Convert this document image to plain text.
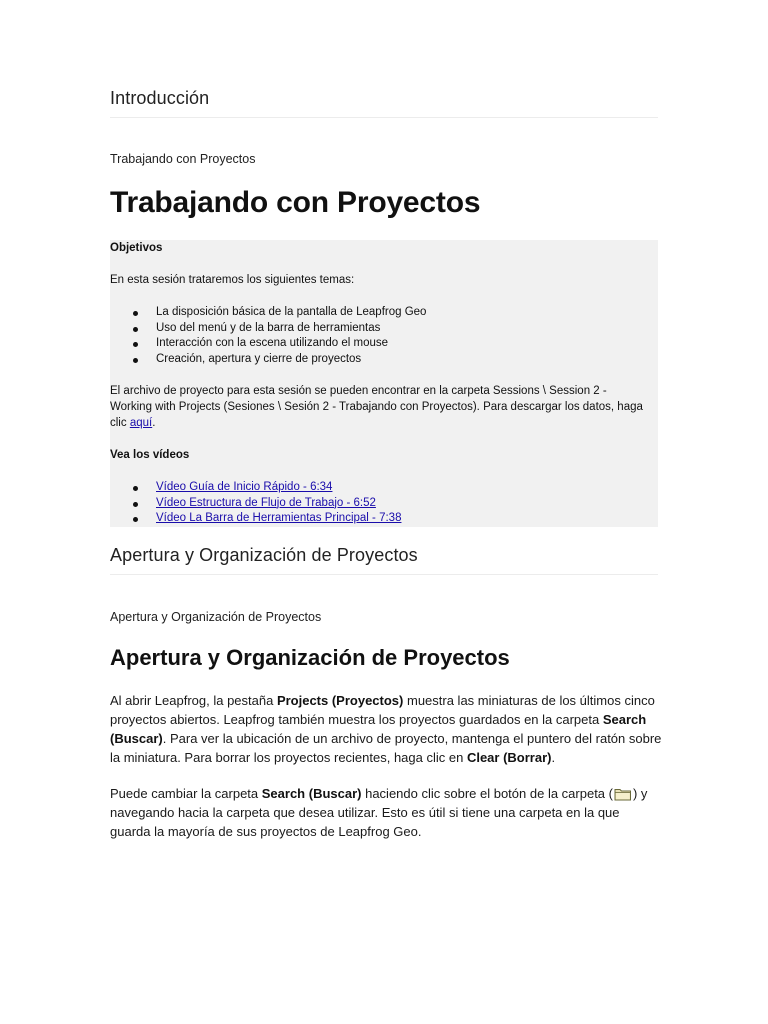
Introducción
Trabajando con Proyectos
Trabajando con Proyectos
Objetivos
En esta sesión trataremos los siguientes temas:
La disposición básica de la pantalla de Leapfrog Geo
Uso del menú y de la barra de herramientas
Interacción con la escena utilizando el mouse
Creación, apertura y cierre de proyectos
El archivo de proyecto para esta sesión se pueden encontrar en la carpeta Sessions \ Session 2 -
Working with Projects (Sesiones \ Sesión 2 - Trabajando con Proyectos). Para descargar los datos, haga
clic aquí.
Vea los vídeos
Vídeo Guía de Inicio Rápido - 6:34
Vídeo Estructura de Flujo de Trabajo - 6:52
Vídeo La Barra de Herramientas Principal - 7:38
Apertura y Organización de Proyectos
Apertura y Organización de Proyectos
Apertura y Organización de Proyectos

Al abrir Leapfrog, la pestaña Projects (Proyectos) muestra las miniaturas de los últimos cinco proyectos abiertos. Leapfrog también muestra los proyectos guardados en la carpeta Search (Buscar). Para ver la ubicación de un archivo de proyecto, mantenga el puntero del ratón sobre la miniatura. Para borrar los proyectos recientes, haga clic en Clear (Borrar).

Puede cambiar la carpeta Search (Buscar) haciendo clic sobre el botón de la carpeta ( ) y navegando hacia la carpeta que desea utilizar. Esto es útil si tiene una carpeta en la que guarda la mayoría de sus proyectos de Leapfrog Geo.
